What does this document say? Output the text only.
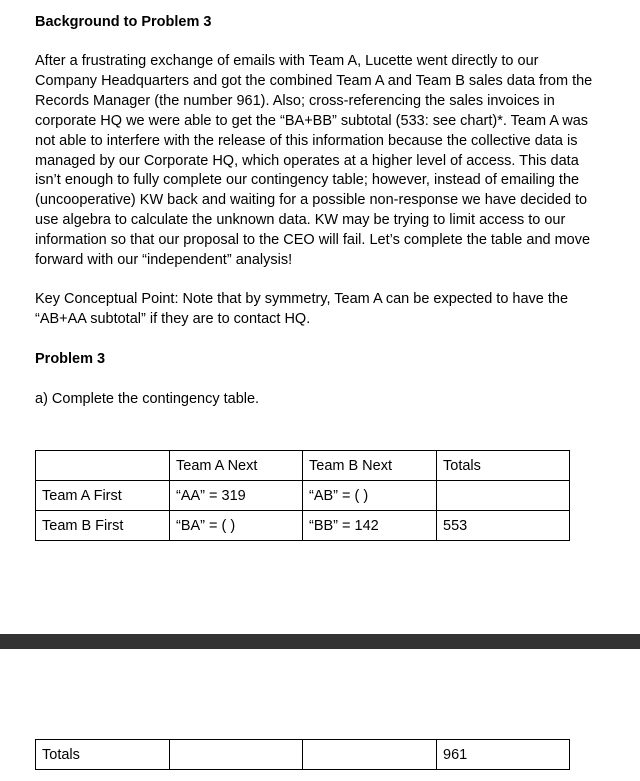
Background to Problem 3
After a frustrating exchange of emails with Team A, Lucette went directly to our
Company Headquarters and got the combined Team A and Team B sales data from the
Records Manager (the number 961). Also; cross-referencing the sales invoices in
corporate HQ we were able to get the “BA+BB” subtotal (533: see chart)*. Team A was
not able to interfere with the release of this information because the collective data is
managed by our Corporate HQ, which operates at a higher level of access. This data
isn’t enough to fully complete our contingency table; however, instead of emailing the
(uncooperative) KW back and waiting for a possible non-response we have decided to
use algebra to calculate the unknown data. KW may be trying to limit access to our
information so that our proposal to the CEO will fail. Let’s complete the table and move
forward with our “independent” analysis!
Key Conceptual Point: Note that by symmetry, Team A can be expected to have the
“AB+AA subtotal” if they are to contact HQ.
Problem 3

a) Complete the contingency table.

	Team A Next	Team B Next	Totals
Team A First	“AA” = 319	“AB” = ( )	
Team B First	“BA” = ( )	“BB” = 142	553
Totals			961
